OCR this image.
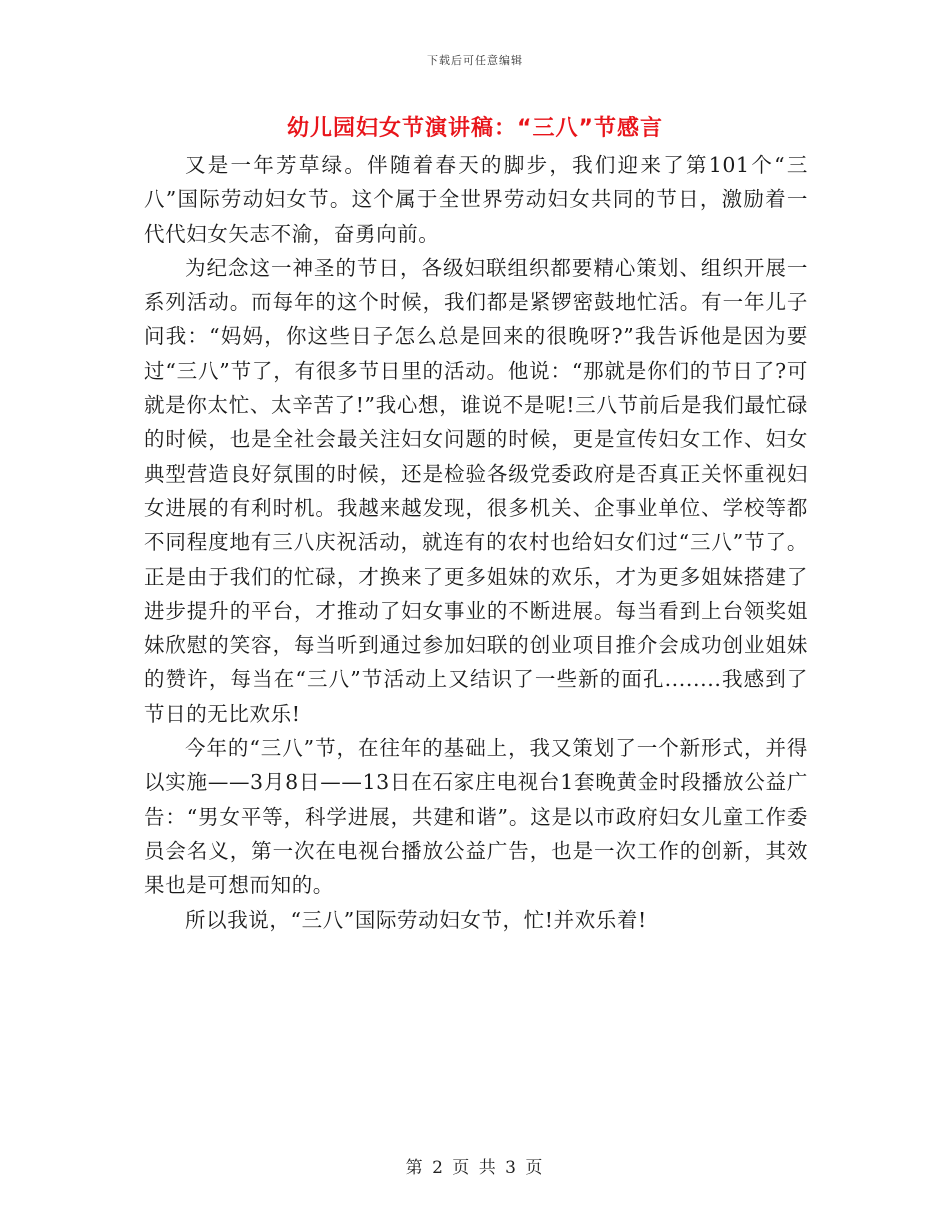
下载后可任意编辑
幼儿园妇女节演讲稿：“三八”节感言

又是一年芳草绿。伴随着春天的脚步，我们迎来了第101个“三八”国际劳动妇女节。这个属于全世界劳动妇女共同的节日，激励着一代代妇女矢志不渝，奋勇向前。

为纪念这一神圣的节日，各级妇联组织都要精心策划、组织开展一系列活动。而每年的这个时候，我们都是紧锣密鼓地忙活。有一年儿子问我：“妈妈，你这些日子怎么总是回来的很晚呀?”我告诉他是因为要过“三八”节了，有很多节日里的活动。他说：“那就是你们的节日了?可就是你太忙、太辛苦了!”我心想，谁说不是呢!三八节前后是我们最忙碌的时候，也是全社会最关注妇女问题的时候，更是宣传妇女工作、妇女典型营造良好氛围的时候，还是检验各级党委政府是否真正关怀重视妇女进展的有利时机。我越来越发现，很多机关、企事业单位、学校等都不同程度地有三八庆祝活动，就连有的农村也给妇女们过“三八”节了。正是由于我们的忙碌，才换来了更多姐妹的欢乐，才为更多姐妹搭建了进步提升的平台，才推动了妇女事业的不断进展。每当看到上台领奖姐妹欣慰的笑容，每当听到通过参加妇联的创业项目推介会成功创业姐妹的赞许，每当在“三八”节活动上又结识了一些新的面孔........我感到了节日的无比欢乐!

今年的“三八”节，在往年的基础上，我又策划了一个新形式，并得以实施——3月8日——13日在石家庄电视台1套晚黄金时段播放公益广告：“男女平等，科学进展，共建和谐”。这是以市政府妇女儿童工作委员会名义，第一次在电视台播放公益广告，也是一次工作的创新，其效果也是可想而知的。

所以我说，“三八”国际劳动妇女节，忙!并欢乐着!

第 2 页 共 3 页
